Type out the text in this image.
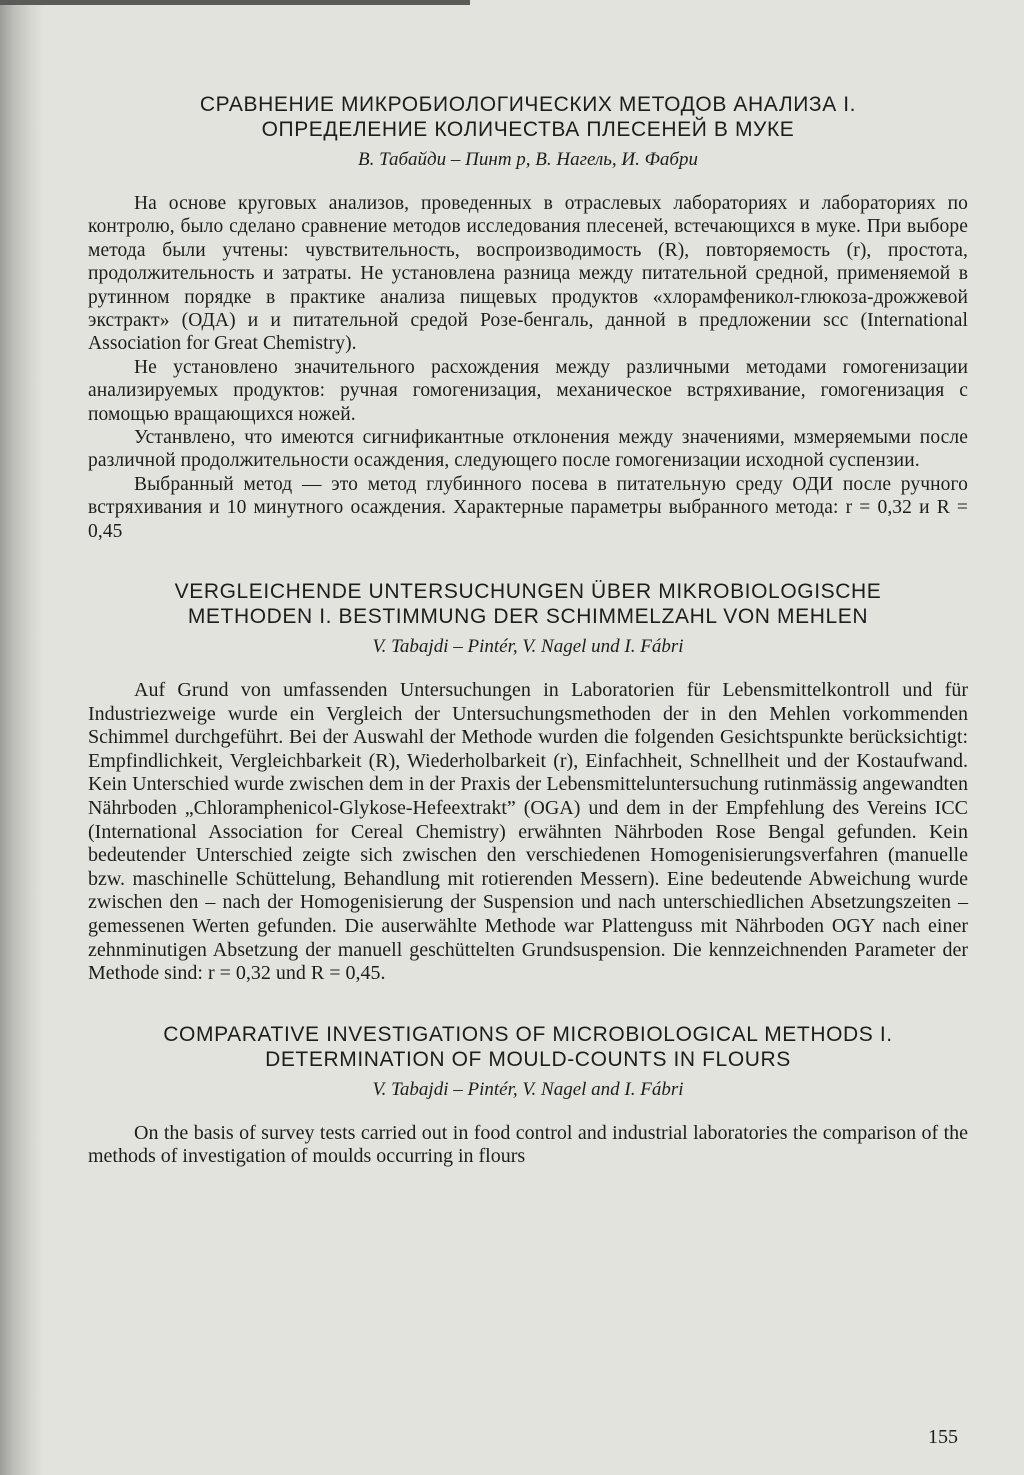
СРАВНЕНИЕ МИКРОБИОЛОГИЧЕСКИХ МЕТОДОВ АНАЛИЗА I.
ОПРЕДЕЛЕНИЕ КОЛИЧЕСТВА ПЛЕСЕНЕЙ В МУКЕ
В. Табайди – Пинт р, В. Нагель, И. Фабри

На основе круговых анализов, проведенных в отраслевых лабораториях и лабораториях по контролю, было сделано сравнение методов исследования плесеней, встечающихся в муке. При выборе метода были учтены: чувствительность, воспроизводимость (R), повторяемость (r), простота, продолжительность и затраты. Не установлена разница между питательной средной, применяемой в рутинном порядке в практике анализа пищевых продуктов «хлорамфеникол-глюкоза-дрожжевой экстракт» (ОДА) и и питательной средой Розе-бенгаль, данной в предложении scc (International Association for Great Chemistry).

Не установлено значительного расхождения между различными методами гомогенизации анализируемых продуктов: ручная гомогенизация, механическое встряхивание, гомогенизация с помощью вращающихся ножей.

Устанвлено, что имеются сигнификантные отклонения между значениями, мзмеряемыми после различной продолжительности осаждения, следующего после гомогенизации исходной суспензии.

Выбранный метод — это метод глубинного посева в питательную среду ОДИ после ручного встряхивания и 10 минутного осаждения. Характерные параметры выбранного метода: r = 0,32 и R = 0,45

VERGLEICHENDE UNTERSUCHUNGEN ÜBER MIKROBIOLOGISCHE
METHODEN I. BESTIMMUNG DER SCHIMMELZAHL VON MEHLEN
V. Tabajdi – Pintér, V. Nagel und I. Fábri

Auf Grund von umfassenden Untersuchungen in Laboratorien für Lebensmittelkontroll und für Industriezweige wurde ein Vergleich der Untersuchungsmethoden der in den Mehlen vorkommenden Schimmel durchgeführt. Bei der Auswahl der Methode wurden die folgenden Gesichtspunkte berücksichtigt: Empfindlichkeit, Vergleichbarkeit (R), Wiederholbarkeit (r), Einfachheit, Schnellheit und der Kostaufwand. Kein Unterschied wurde zwischen dem in der Praxis der Lebensmitteluntersuchung rutinmässig angewandten Nährboden „Chloramphenicol-Glykose-Hefeextrakt” (OGA) und dem in der Empfehlung des Vereins ICC (International Association for Cereal Chemistry) erwähnten Nährboden Rose Bengal gefunden. Kein bedeutender Unterschied zeigte sich zwischen den verschiedenen Homogenisierungsverfahren (manuelle bzw. maschinelle Schüttelung, Behandlung mit rotierenden Messern). Eine bedeutende Abweichung wurde zwischen den – nach der Homogenisierung der Suspension und nach unterschiedlichen Absetzungszeiten – gemessenen Werten gefunden. Die auserwählte Methode war Plattenguss mit Nährboden OGY nach einer zehnminutigen Absetzung der manuell geschüttelten Grundsuspension. Die kennzeichnenden Parameter der Methode sind: r = 0,32 und R = 0,45.

COMPARATIVE INVESTIGATIONS OF MICROBIOLOGICAL METHODS I.
DETERMINATION OF MOULD-COUNTS IN FLOURS
V. Tabajdi – Pintér, V. Nagel and I. Fábri

On the basis of survey tests carried out in food control and industrial laboratories the comparison of the methods of investigation of moulds occurring in flours

155
